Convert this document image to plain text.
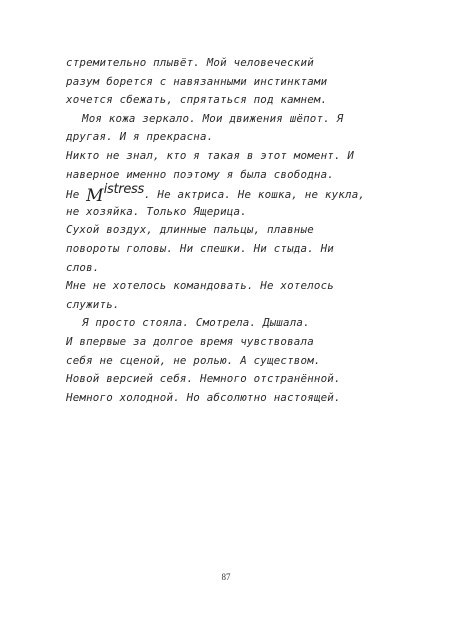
стремительно плывёт. Мой человеческий
разум борется с навязанными инстинктами
хочется сбежать, спрятаться под камнем.
Моя кожа зеркало. Мои движения шёпот. Я
другая. И я прекрасна.
Никто не знал, кто я такая в этот момент. И
наверное именно поэтому я была свободна.
Не Mistress. Не актриса. Не кошка, не кукла,
не хозяйка. Только Ящерица.
Сухой воздух, длинные пальцы, плавные
повороты головы. Ни спешки. Ни стыда. Ни
слов.
Мне не хотелось командовать. Не хотелось
служить.
Я просто стояла. Смотрела. Дышала.
И впервые за долгое время чувствовала
себя не сценой, не ролью. А существом.
Новой версией себя. Немного отстранённой.
Немного холодной. Но абсолютно настоящей.
87
